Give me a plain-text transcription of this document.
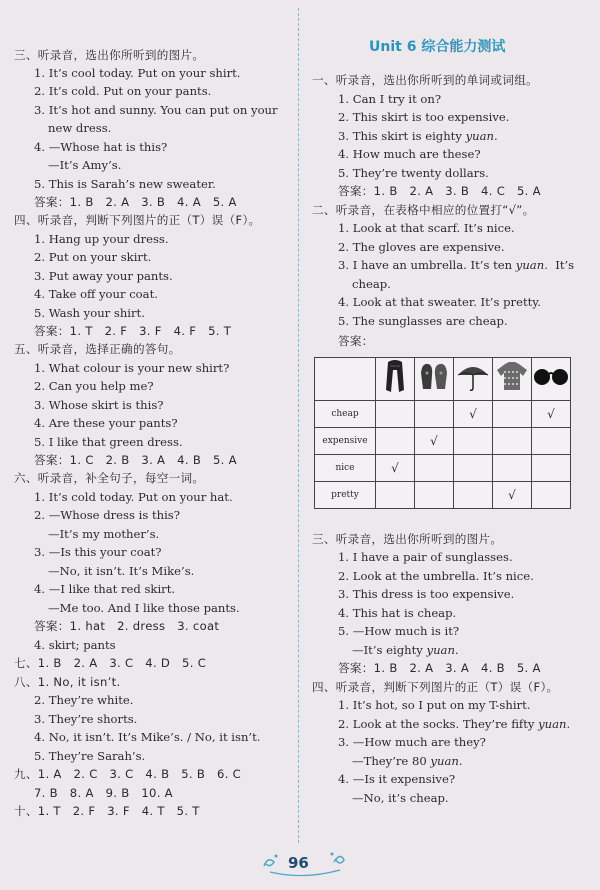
三、听录音，选出你所听到的图片。
1. It’s cool today. Put on your shirt.
2. It’s cold. Put on your pants.
3. It’s hot and sunny. You can put on your
new dress.
4. —Whose hat is this?
—It’s Amy’s.
5. This is Sarah’s new sweater.
答案：1. B　2. A　3. B　4. A　5. A
四、听录音，判断下列图片的正（T）误（F）。
1. Hang up your dress.
2. Put on your skirt.
3. Put away your pants.
4. Take off your coat.
5. Wash your shirt.
答案：1. T　2. F　3. F　4. F　5. T
五、听录音，选择正确的答句。
1. What colour is your new shirt?
2. Can you help me?
3. Whose skirt is this?
4. Are these your pants?
5. I like that green dress.
答案：1. C　2. B　3. A　4. B　5. A
六、听录音，补全句子，每空一词。
1. It’s cold today. Put on your hat.
2. —Whose dress is this?
—It’s my mother’s.
3. —Is this your coat?
—No, it isn’t. It’s Mike’s.
4. —I like that red skirt.
—Me too. And I like those pants.
答案：1. hat　2. dress　3. coat
4. skirt; pants
七、1. B　2. A　3. C　4. D　5. C
八、1. No, it isn’t.
2. They’re white.
3. They’re shorts.
4. No, it isn’t. It’s Mike’s. / No, it isn’t.
5. They’re Sarah’s.
九、1. A　2. C　3. C　4. B　5. B　6. C
7. B　8. A　9. B　10. A
十、1. T　2. F　3. F　4. T　5. T
Unit 6 综合能力测试
一、听录音，选出你所听到的单词或词组。
1. Can I try it on?
2. This skirt is too expensive.
3. This skirt is eighty yuan.
4. How much are these?
5. They’re twenty dollars.
答案：1. B　2. A　3. B　4. C　5. A
二、听录音，在表格中相应的位置打“√”。
1. Look at that scarf. It’s nice.
2. The gloves are expensive.
3. I have an umbrella. It’s ten yuan. It’s
cheap.
4. Look at that sweater. It’s pretty.
5. The sunglasses are cheap.
答案：

cheap			√		√
expensive		√			
nice	√				
pretty				√	
三、听录音，选出你所听到的图片。
1. I have a pair of sunglasses.
2. Look at the umbrella. It’s nice.
3. This dress is too expensive.
4. This hat is cheap.
5. —How much is it?
—It’s eighty yuan.
答案：1. B　2. A　3. A　4. B　5. A
四、听录音，判断下列图片的正（T）误（F）。
1. It’s hot, so I put on my T-shirt.
2. Look at the socks. They’re fifty yuan.
3. —How much are they?
—They’re 80 yuan.
4. —Is it expensive?
—No, it’s cheap.
96
